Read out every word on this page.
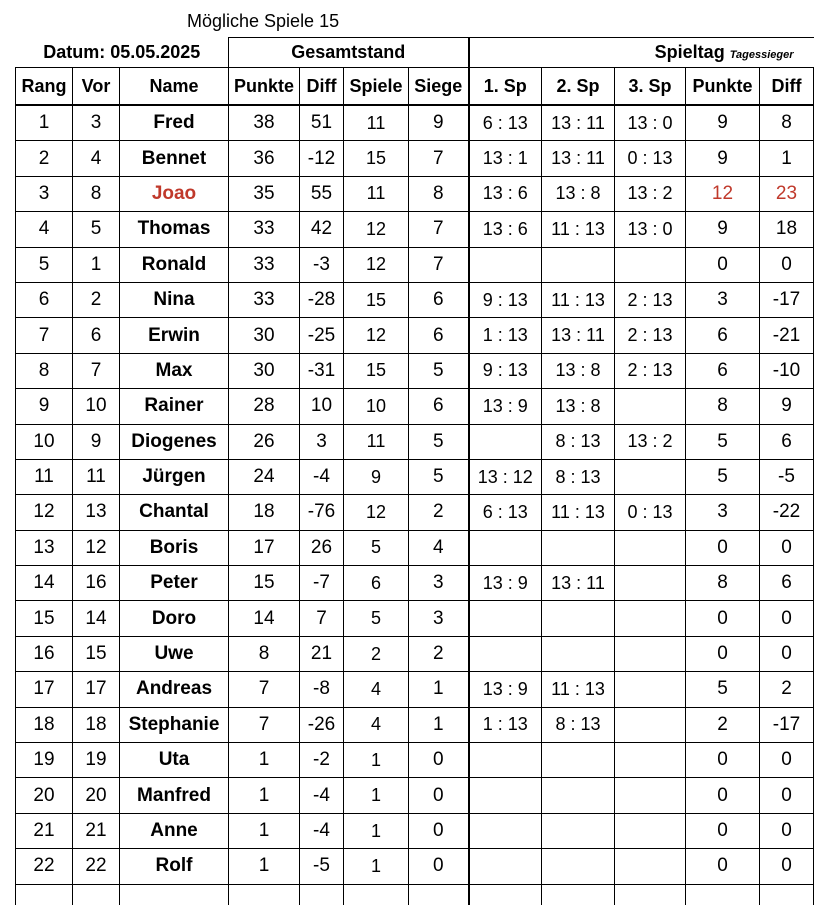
Mögliche Spiele 15
Datum: 05.05.2025			Gesamtstand				Spieltag Tagessieger				
Rang	Vor	Name	Punkte	Diff	Spiele	Siege	1. Sp	2. Sp	3. Sp	Punkte	Diff
1	3	Fred	38	51	11	9	6 : 13	13 : 11	13 : 0	9	8
2	4	Bennet	36	-12	15	7	13 : 1	13 : 11	0 : 13	9	1
3	8	Joao	35	55	11	8	13 : 6	13 : 8	13 : 2	12	23
4	5	Thomas	33	42	12	7	13 : 6	11 : 13	13 : 0	9	18
5	1	Ronald	33	-3	12	7				0	0
6	2	Nina	33	-28	15	6	9 : 13	11 : 13	2 : 13	3	-17
7	6	Erwin	30	-25	12	6	1 : 13	13 : 11	2 : 13	6	-21
8	7	Max	30	-31	15	5	9 : 13	13 : 8	2 : 13	6	-10
9	10	Rainer	28	10	10	6	13 : 9	13 : 8		8	9
10	9	Diogenes	26	3	11	5		8 : 13	13 : 2	5	6
11	11	Jürgen	24	-4	9	5	13 : 12	8 : 13		5	-5
12	13	Chantal	18	-76	12	2	6 : 13	11 : 13	0 : 13	3	-22
13	12	Boris	17	26	5	4				0	0
14	16	Peter	15	-7	6	3	13 : 9	13 : 11		8	6
15	14	Doro	14	7	5	3				0	0
16	15	Uwe	8	21	2	2				0	0
17	17	Andreas	7	-8	4	1	13 : 9	11 : 13		5	2
18	18	Stephanie	7	-26	4	1	1 : 13	8 : 13		2	-17
19	19	Uta	1	-2	1	0				0	0
20	20	Manfred	1	-4	1	0				0	0
21	21	Anne	1	-4	1	0				0	0
22	22	Rolf	1	-5	1	0				0	0
